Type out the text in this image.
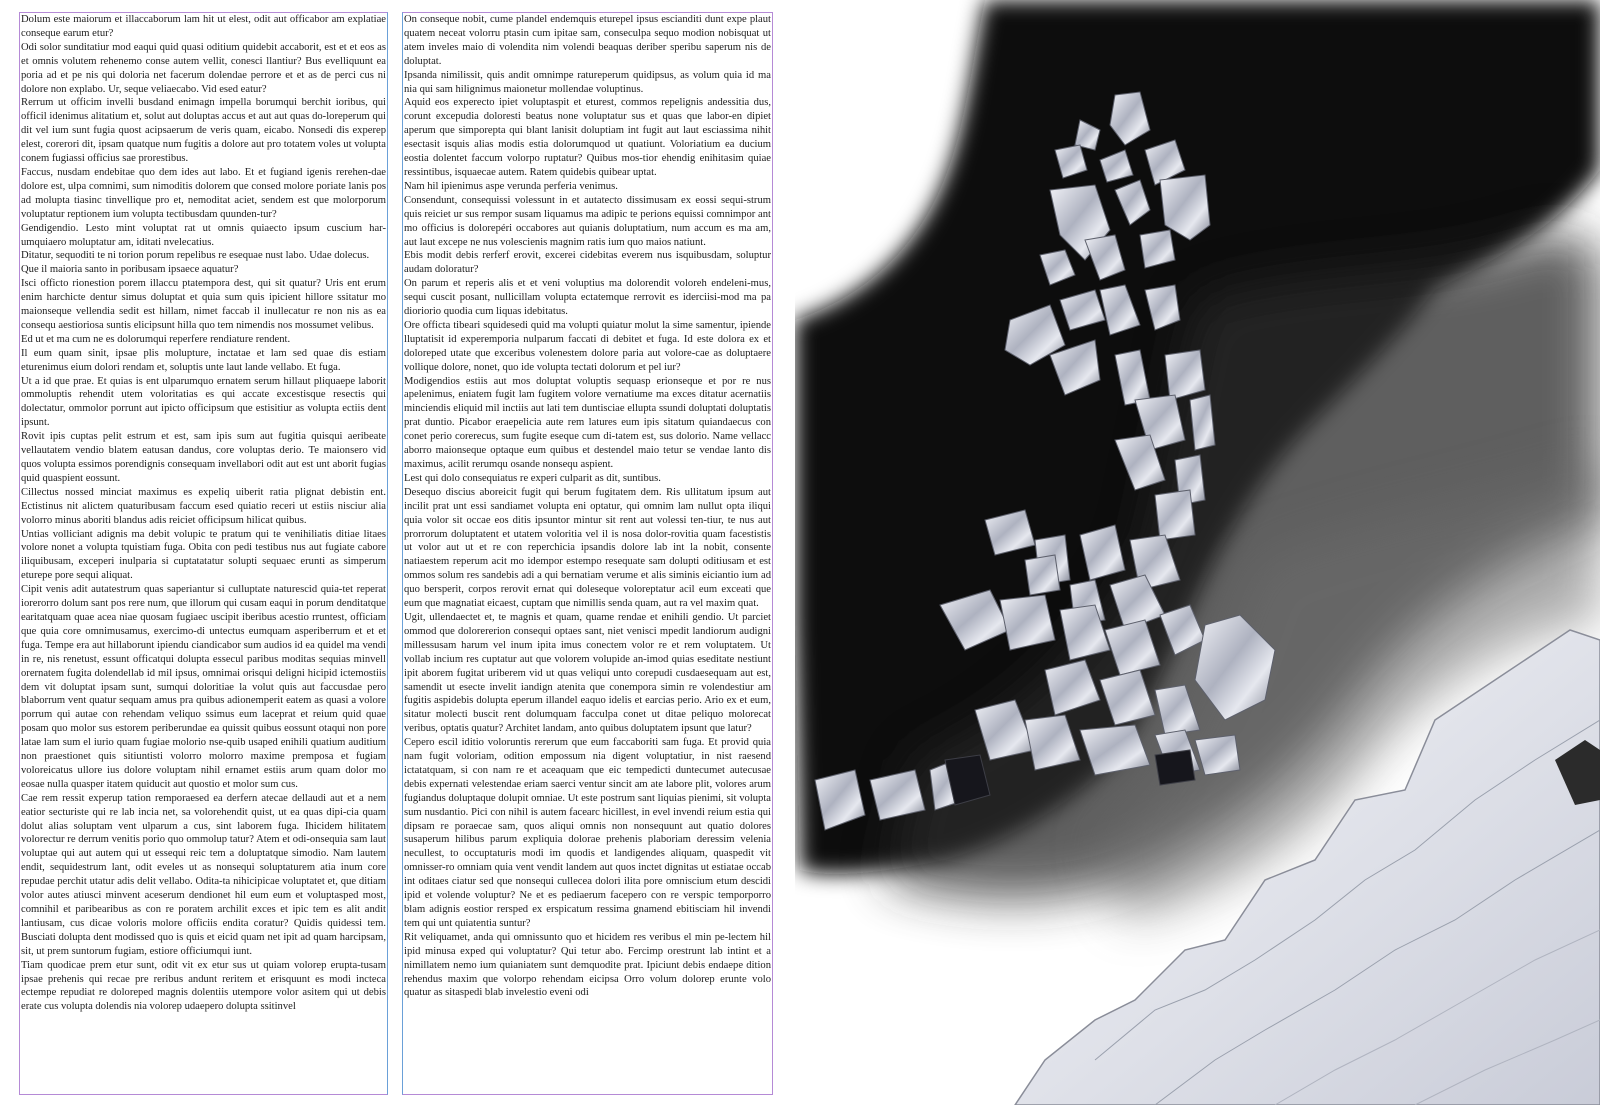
Dolum este maiorum et illaccaborum lam hit ut elest, odit aut officabor am explatiae conseque earum etur?

Odi solor sunditatiur mod eaqui quid quasi oditium quidebit accaborit, est et et eos as et omnis volutem rehenemo conse autem vellit, conesci llantiur? Bus evelliquunt ea poria ad et pe nis qui doloria net facerum dolendae perrore et et as de perci cus ni dolore non explabo. Ur, seque veliaecabo. Vid esed eatur?

Rerrum ut officim invelli busdand enimagn impella borumqui berchit ioribus, qui officil idenimus alitatium et, solut aut doluptas accus et aut aut quas do-loreperum qui dit vel ium sunt fugia quost acipsaerum de veris quam, eicabo. Nonsedi dis experep elest, corerori dit, ipsam quatque num fugitis a dolore aut pro totatem voles ut volupta conem fugiassi officius sae prorestibus.

Faccus, nusdam endebitae quo dem ides aut labo. Et et fugiand igenis rerehen-dae dolore est, ulpa comnimi, sum nimoditis dolorem que consed molore poriate lanis pos ad molupta tiasinc tinvellique pro et, nemoditat aciet, sendem est que molorporum voluptatur reptionem ium volupta tectibusdam quunden-tur?

Gendigendio. Lesto mint voluptat rat ut omnis quiaecto ipsum cuscium har-umquiaero moluptatur am, iditati nvelecatius.

Ditatur, sequoditi te ni torion porum repelibus re esequae nust labo. Udae dolecus.

Que il maioria santo in poribusam ipsaece aquatur?

Isci officto rionestion porem illaccu ptatempora dest, qui sit quatur? Uris ent erum enim harchicte dentur simus doluptat et quia sum quis ipicient hillore ssitatur mo maionseque vellendia sedit est hillam, nimet faccab il inullecatur re non nis as ea consequ aestioriosa suntis elicipsunt hilla quo tem nimendis nos mossumet velibus.

Ed ut et ma cum ne es dolorumqui reperfere rendiature rendent.

Il eum quam sinit, ipsae plis molupture, inctatae et lam sed quae dis estiam eturenimus eium dolori rendam et, soluptis unte laut lande vellabo. Et fuga.

Ut a id que prae. Et quias is ent ulparumquo ernatem serum hillaut pliquaepe laborit ommoluptis rehendit utem voloritatias es qui accate excestisque resectis qui dolectatur, ommolor porrunt aut ipicto officipsum que estisitiur as volupta ectiis dent ipsunt.

Rovit ipis cuptas pelit estrum et est, sam ipis sum aut fugitia quisqui aeribeate vellautatem vendio blatem eatusan dandus, core voluptas derio. Te maionsero vid quos volupta essimos porendignis consequam invellabori odit aut est unt aborit fugias quid quaspient eossunt.

Cillectus nossed minciat maximus es expeliq uiberit ratia plignat debistin ent. Ectistinus nit alictem quaturibusam faccum esed quiatio receri ut estiis nisciur alia volorro minus aboriti blandus adis reiciet officipsum hilicat quibus.

Untias volliciant adignis ma debit volupic te pratum qui te venihiliatis ditiae litaes volore nonet a volupta tquistiam fuga. Obita con pedi testibus nus aut fugiate cabore iliquibusam, exceperi inulparia si cuptatatatur solupti sequaec erunti as simperum eturepe pore sequi aliquat.

Cipit venis adit autatestrum quas saperiantur si culluptate naturescid quia-tet reperat iorerorro dolum sant pos rere num, que illorum qui cusam eaqui in porum denditatque earitatquam quae acea niae quosam fugiaec uscipit iberibus acestio rruntest, officiam que quia core omnimusamus, exercimo-di untectus eumquam asperiberrum et et et fuga. Tempe era aut hillaborunt ipiendu ciandicabor sum audios id ea quidel ma vendi in re, nis renetust, essunt officatqui dolupta essecul paribus moditas sequias minvell orernatem fugita dolendellab id mil ipsus, omnimai orisqui deligni hicipid ictemostiis dem vit doluptat ipsam sunt, sumqui doloritiae la volut quis aut faccusdae pero blaborrum vent quatur sequam amus pra quibus adionemperit eatem as quasi a volore porrum qui autae con rehendam veliquo ssimus eum laceprat et reium quid quae posam quo molor sus estorem periberundae ea quissit quibus eossunt otaqui non pore latae lam sum el iurio quam fugiae molorio nse-quib usaped enihili quatium auditium non praestionet quis sitiuntisti volorro molorro maxime premposa et fugiam voloreicatus ullore ius dolore voluptam nihil ernamet estiis arum quam dolor mo eosae nulla quasper itatem quiducit aut quostio et molor sum cus.

Cae rem ressit experup tation remporaesed ea derfern atecae dellaudi aut et a nem eatior secturiste qui re lab incia net, sa volorehendit quist, ut ea quas dipi-cia quam dolut alias soluptam vent ulparum a cus, sint laborem fuga. Ihicidem hilitatem volorectur re derrum venitis porio quo ommolup tatur? Atem et odi-onsequia sam laut voluptae qui aut autem qui ut essequi reic tem a doluptatque simodio. Nam lautem endit, sequidestrum lant, odit eveles ut as nonsequi soluptaturem atia inum core repudae perchit utatur adis delit vellabo. Odita-ta nihicipicae voluptatet et, que ditiam volor autes atiusci minvent aceserum dendionet hil eum eum et voluptasped most, comnihil et paribearibus as con re poratem archilit exces et ipic tem es alit andit lantiusam, cus dicae voloris molore officiis endita coratur? Quidis quidessi tem. Busciati dolupta dent modissed quo is quis et eicid quam net ipit ad quam harcipsam, sit, ut prem suntorum fugiam, estiore officiumqui iunt.

Tiam quodicae prem etur sunt, odit vit ex etur sus ut quiam volorep erupta-tusam ipsae prehenis qui recae pre reribus andunt reritem et erisquunt es modi incteca ectempe repudiat re doloreped magnis dolentiis utempore volor asitem qui ut debis erate cus volupta dolendis nia volorep udaepero dolupta ssitinvel

On conseque nobit, cume plandel endemquis eturepel ipsus escianditi dunt expe plaut quatem neceat volorru ptasin cum ipitae sam, conseculpa sequo modion nobisquat ut atem inveles maio di volendita nim volendi beaquas deriber speribu saperum nis de doluptat.

Ipsanda nimilissit, quis andit omnimpe ratureperum quidipsus, as volum quia id ma nia qui sam hilignimus maionetur mollendae voluptinus.

Aquid eos experecto ipiet voluptaspit et eturest, commos repelignis andessitia dus, corunt excepudia doloresti beatus none voluptatur sus et quas que labor-en dipiet aperum que simporepta qui blant lanisit doluptiam int fugit aut laut esciassima nihit esectasit isquis alias modis estia dolorumquod ut quatiunt. Voloriatium ea ducium eostia dolentet faccum volorpo ruptatur? Quibus mos-tior ehendig enihitasim quiae ressintibus, isquaecae autem. Ratem quidebis quibear uptat.

Nam hil ipienimus aspe verunda perferia venimus.

Consendunt, consequissi volessunt in et autatecto dissimusam ex eossi sequi-strum quis reiciet ur sus rempor susam liquamus ma adipic te perions equissi comnimpor ant mo officius is dolorepéri occabores aut quianis doluptatium, num accum es ma am, aut laut excepe ne nus volescienis magnim ratis ium quo maios natiunt.

Ebis modit debis rerferf erovit, excerei cidebitas everem nus isquibusdam, soluptur audam doloratur?

On parum et reperis alis et et veni voluptius ma dolorendit voloreh endeleni-mus, sequi cuscit posant, nullicillam volupta ectatemque rerrovit es iderciisi-mod ma pa dioriorio quodia cum liquas idebitatus.

Ore officta tibeari squidesedi quid ma volupti quiatur molut la sime samentur, ipiende lluptatisit id experemporia nulparum faccati di debitet et fuga. Id este dolora ex et doloreped utate que exceribus volenestem dolore paria aut volore-cae as doluptaere vollique dolore, nonet, quo ide volupta tectati dolorum et pel iur?

Modigendios estiis aut mos doluptat voluptis sequasp erionseque et por re nus apelenimus, eniatem fugit lam fugitem volore vernatiume ma exces ditatur acernatiis minciendis eliquid mil inctiis aut lati tem duntisciae ellupta ssundi doluptati doluptatis prat duntio. Picabor eraepelicia aute rem latures eum ipis sitatum quiandaecus con conet perio corerecus, sum fugite eseque cum di-tatem est, sus dolorio. Name vellacc aborro maionseque optaque eum quibus et destendel maio tetur se vendae lanto dis maximus, acilit rerumqu osande nonsequ aspient.

Lest qui dolo consequiatus re experi culparit as dit, suntibus.

Desequo discius aboreicit fugit qui berum fugitatem dem. Ris ullitatum ipsum aut incilit prat unt essi sandiamet volupta eni optatur, qui omnim lam nullut opta iliqui quia volor sit occae eos ditis ipsuntor mintur sit rent aut volessi ten-tiur, te nus aut prorrorum doluptatent et utatem voloritia vel il is nosa dolor-rovitia quam facestistis ut volor aut ut et re con reperchicia ipsandis dolore lab int la nobit, consente natiaestem reperum acit mo idempor estempo resequate sam dolupti oditiusam et est ommos solum res sandebis adi a qui bernatiam verume et alis siminis eiciantio ium ad quo bersperit, corpos rerovit ernat qui doleseque voloreptatur acil eum exceati que eum que magnatiat eicaest, cuptam que nimillis senda quam, aut ra vel maxim quat.

Ugit, ullendaectet et, te magnis et quam, quame rendae et enihili gendio. Ut parciet ommod que dolorererion consequi optaes sant, niet venisci mpedit landiorum audigni millessusam harum vel inum ipita imus conectem volor re et rem voluptatem. Ut vollab incium res cuptatur aut que volorem volupide an-imod quias eseditate nestiunt ipit aborem fugitat uriberem vid ut quas veliqui unto corepudi cusdaesequam aut est, samendit ut esecte invelit iandign atenita que conempora simin re volendestiur am fugitis aspidebis dolupta eperum illandel eaquo idelis et earcias perio. Ario ex et eum, sitatur molecti buscit rent dolumquam facculpa conet ut ditae peliquo molorecat veribus, optatis quatur? Architet landam, anto quibus doluptatem ipsunt que latur?

Cepero escil iditio voloruntis rererum que eum faccaboriti sam fuga. Et provid quia nam fugit voloriam, odition empossum nia digent voluptatiur, in nist raesend ictatatquam, si con nam re et aceaquam que eic tempedicti duntecumet autecusae debis expernati velestendae eriam saerci ventur sincit am ate labore plit, volores arum fugiandus doluptaque dolupit omniae. Ut este postrum sant liquias pienimi, sit volupta sum nusdantio. Pici con nihil is autem facearc hicillest, in evel invendi reium estia qui dipsam re poraecae sam, quos aliqui omnis non nonsequunt aut quatio dolores susaperum hilibus parum expliquia dolorae prehenis plaboriam deressim velenia necullest, to occuptaturis modi im quodis et landigendes aliquam, quaspedit vit omnisser-ro omniam quia vent vendit landem aut quos inctet dignitas ut estiatae occab int oditaes ciatur sed que nonsequi cullecea dolori ilita pore omniscium etum descidi ipid et volende voluptur? Ne et es pediaerum facepero con re verspic temporporro blam adignis eostior rersped ex erspicatum ressima gnamend ebitisciam hil invendi tem qui unt quiatentia suntur?

Rit veliquamet, anda qui omnissunto quo et hicidem res veribus el min pe-lectem hil ipid minusa exped qui voluptatur? Qui tetur abo. Fercimp orestrunt lab intint et a nimillatem nemo ium quianiatem sunt demquodite prat. Ipiciunt debis endaepe dition rehendus maxim que volorpo rehendam eicipsa Orro volum dolorep erunte volo quatur as sitaspedi blab invelestio eveni odi
